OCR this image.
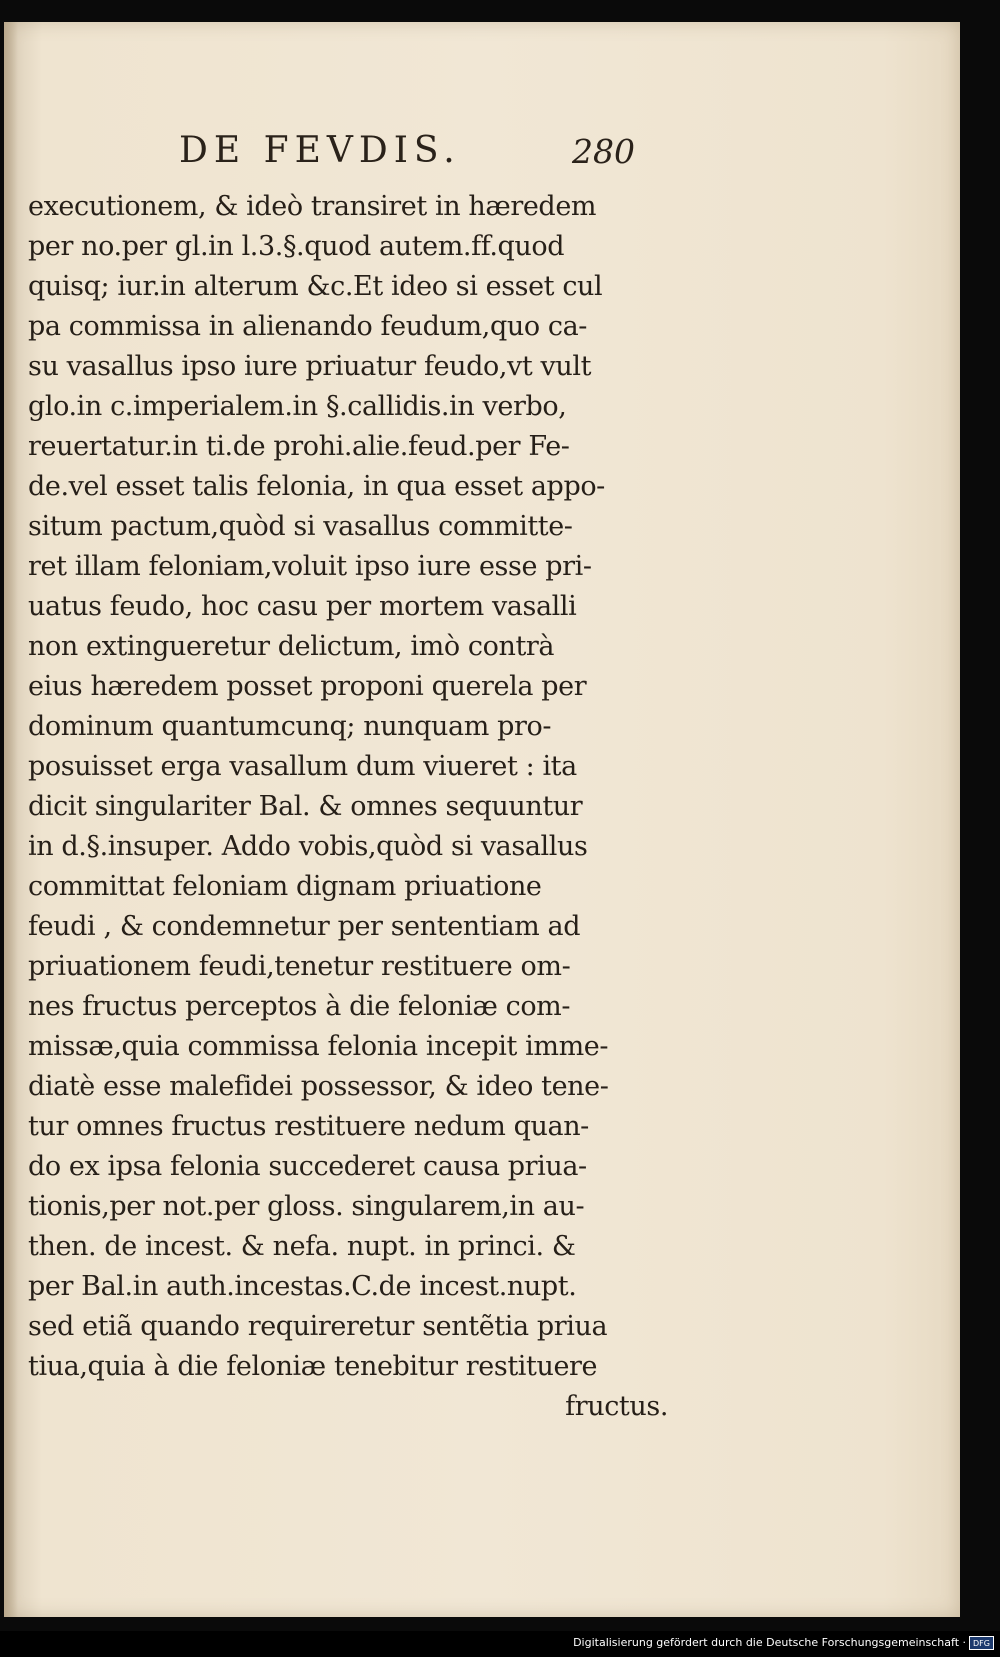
DE FEVDIS.	280
executionem, & ideò transiret in hæredem
per no.per gl.in l.3.§.quod autem.ff.quod
quisq; iur.in alterum &c.Et ideo si esset cul
pa commissa in alienando feudum,quo ca-
su vasallus ipso iure priuatur feudo,vt vult
glo.in c.imperialem.in §.callidis.in verbo,
reuertatur.in ti.de prohi.alie.feud.per Fe-
de.vel esset talis felonia, in qua esset appo-
situm pactum,quòd si vasallus committe-
ret illam feloniam,voluit ipso iure esse pri-
uatus feudo, hoc casu per mortem vasalli
non extingueretur delictum, imò contrà
eius hæredem posset proponi querela per
dominum quantumcunq; nunquam pro-
posuisset erga vasallum dum viueret : ita
dicit singulariter Bal. & omnes sequuntur
in d.§.insuper. Addo vobis,quòd si vasallus
committat feloniam dignam priuatione
feudi , & condemnetur per sententiam ad
priuationem feudi,tenetur restituere om-
nes fructus perceptos à die feloniæ com-
missæ,quia commissa felonia incepit imme-
diatè esse malefidei possessor, & ideo tene-
tur omnes fructus restituere nedum quan-
do ex ipsa felonia succederet causa priua-
tionis,per not.per gloss. singularem,in au-
then. de incest. & nefa. nupt. in princi. &
per Bal.in auth.incestas.C.de incest.nupt.
sed etiã quando requireretur sentẽtia priua
tiua,quia à die feloniæ tenebitur restituere
fructus.
Digitalisierung gefördert durch die Deutsche Forschungsgemeinschaft · DFG
